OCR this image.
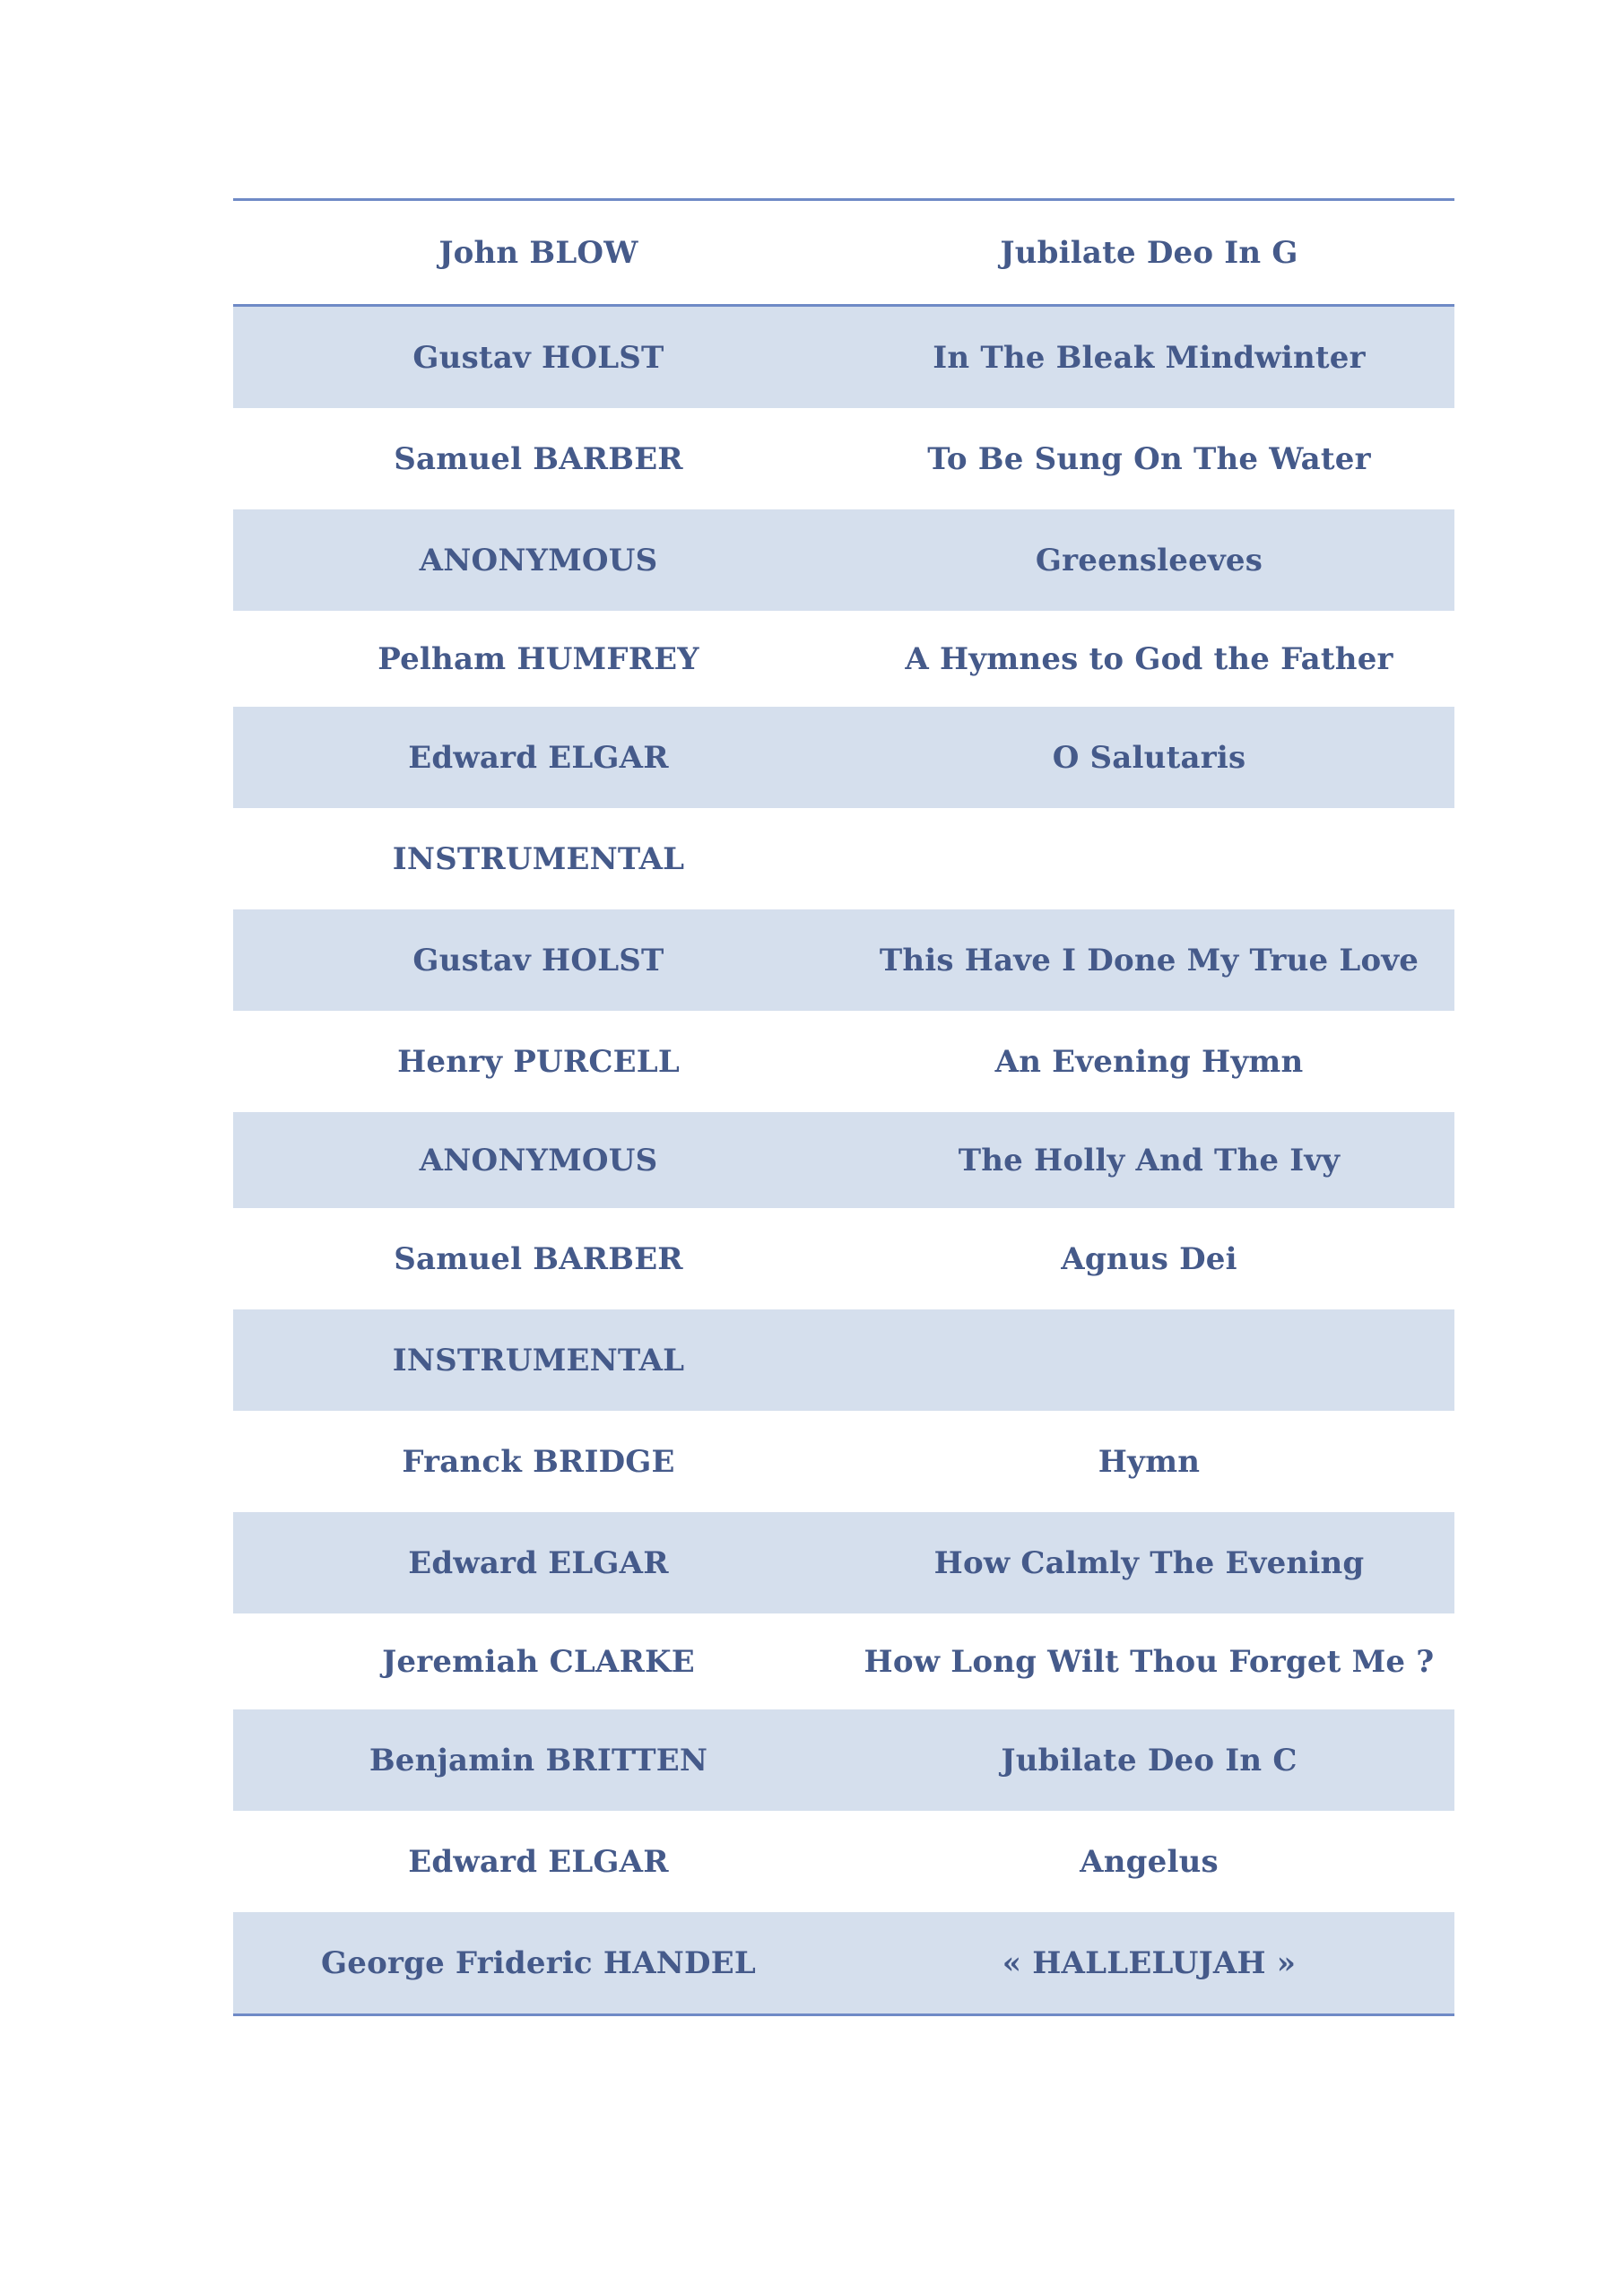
John BLOW	Jubilate Deo In G
Gustav HOLST	In The Bleak Mindwinter
Samuel BARBER	To Be Sung On The Water
ANONYMOUS	Greensleeves
Pelham HUMFREY	A Hymnes to God the Father
Edward ELGAR	O Salutaris
INSTRUMENTAL	
Gustav HOLST	This Have I Done My True Love
Henry PURCELL	An Evening Hymn
ANONYMOUS	The Holly And The Ivy
Samuel BARBER	Agnus Dei
INSTRUMENTAL	
Franck BRIDGE	Hymn
Edward ELGAR	How Calmly The Evening
Jeremiah CLARKE	How Long Wilt Thou Forget Me ?
Benjamin BRITTEN	Jubilate Deo In C
Edward ELGAR	Angelus
George Frideric HANDEL	« HALLELUJAH »
